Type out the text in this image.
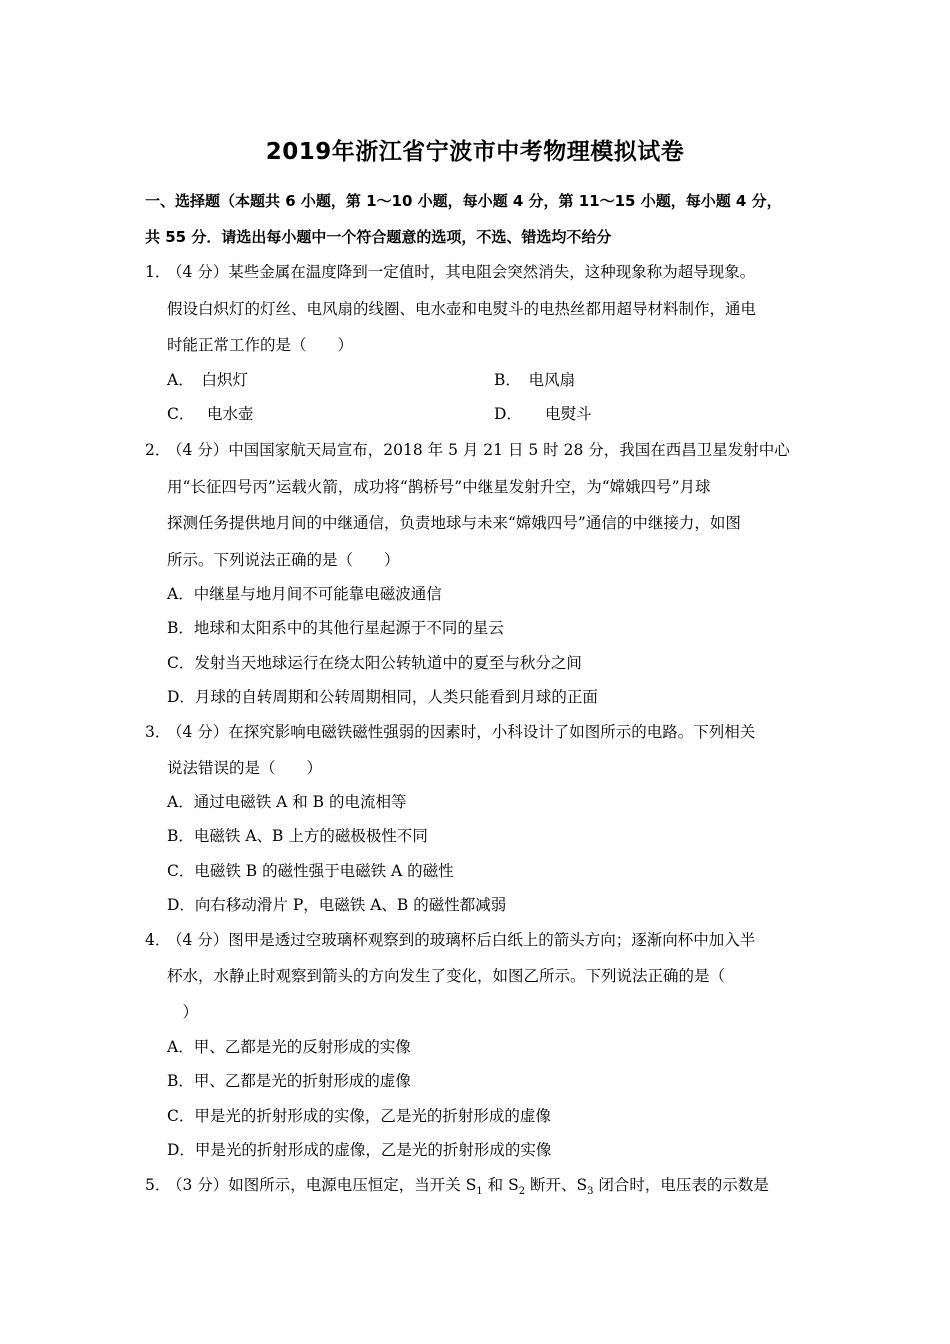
2019年浙江省宁波市中考物理模拟试卷
一、选择题（本题共 6 小题，第 1～10 小题，每小题 4 分，第 11～15 小题，每小题 4 分，
共 55 分．请选出每小题中一个符合题意的选项，不选、错选均不给分
1．
（4 分）某些金属在温度降到一定值时，其电阻会突然消失，这种现象称为超导现象。
假设白炽灯的灯丝、电风扇的线圈、电水壶和电熨斗的电热丝都用超导材料制作，通电
时能正常工作的是（　　）
A．　白炽灯	B．　电风扇
C．　 电水壶	D．　　电熨斗
2．
（4 分）中国国家航天局宣布，2018 年 5 月 21 日 5 时 28 分，我国在西昌卫星发射中心
用“长征四号丙”运载火箭，成功将“鹊桥号”中继星发射升空，为“嫦娥四号”月球
探测任务提供地月间的中继通信，负责地球与未来“嫦娥四号”通信的中继接力，如图
所示。下列说法正确的是（　　）
A．中继星与地月间不可能靠电磁波通信
B．地球和太阳系中的其他行星起源于不同的星云
C．发射当天地球运行在绕太阳公转轨道中的夏至与秋分之间
D．月球的自转周期和公转周期相同，人类只能看到月球的正面
3．
（4 分）在探究影响电磁铁磁性强弱的因素时，小科设计了如图所示的电路。下列相关
说法错误的是（　　）
A．通过电磁铁 A 和 B 的电流相等
B．电磁铁 A、B 上方的磁极极性不同
C．电磁铁 B 的磁性强于电磁铁 A 的磁性
D．向右移动滑片 P，电磁铁 A、B 的磁性都减弱
4．
（4 分）图甲是透过空玻璃杯观察到的玻璃杯后白纸上的箭头方向；逐渐向杯中加入半
杯水，水静止时观察到箭头的方向发生了变化，如图乙所示。下列说法正确的是（
　）
A．甲、乙都是光的反射形成的实像
B．甲、乙都是光的折射形成的虚像
C．甲是光的折射形成的实像，乙是光的折射形成的虚像
D．甲是光的折射形成的虚像，乙是光的折射形成的实像
5．
（3 分）如图所示，电源电压恒定，当开关 $S_1$ 和 $S_2$ 断开、$S_3$ 闭合时，电压表的示数是
